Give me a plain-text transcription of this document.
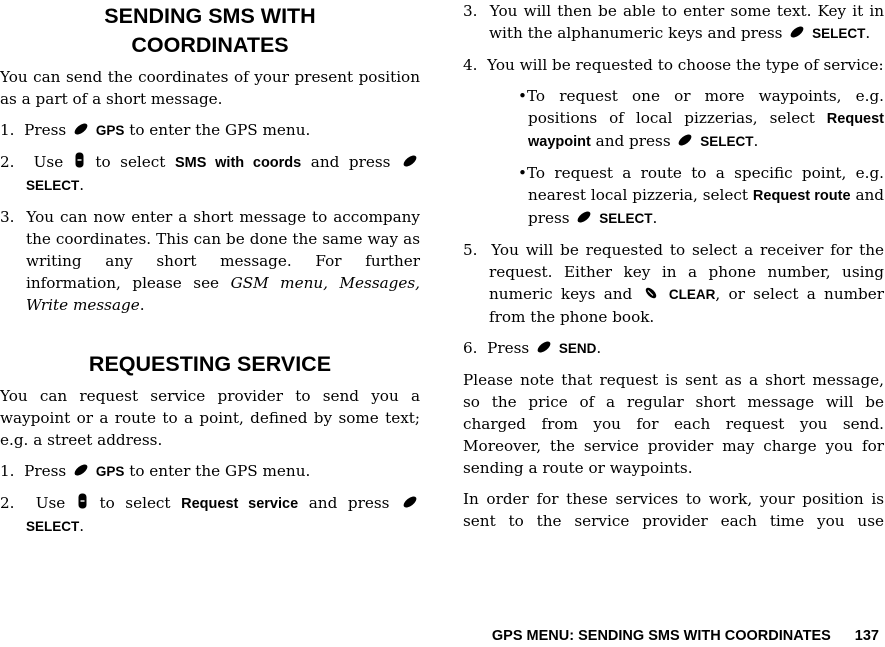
SENDING SMS WITH
COORDINATES

You can send the coordinates of your present position as a part of a short message.

1. Press GPS to enter the GPS menu.

2. Use to select SMS with coords and press  SELECT.

3. You can now enter a short message to accompany the coordinates. This can be done the same way as writing any short message. For further information, please see GSM menu, Messages, Write message.

REQUESTING SERVICE

You can request service provider to send you a waypoint or a route to a point, defined by some text; e.g. a street address.

1. Press GPS to enter the GPS menu.

2. Use to select Request service and press  SELECT.

3. You will then be able to enter some text. Key it in with the alphanumeric keys and press SELECT.

4. You will be requested to choose the type of service:

•To request one or more waypoints, e.g. positions of local pizzerias, select Request waypoint and press SELECT.

•To request a route to a specific point, e.g. nearest local pizzeria, select Request route and press SELECT.

5. You will be requested to select a receiver for the request. Either key in a phone number, using numeric keys and	CLEAR, or select a number from the phone book.

6. Press SEND.

Please note that request is sent as a short message, so the price of a regular short message will be charged from you for each request you send. Moreover, the service provider may charge you for sending a route or waypoints.

In order for these services to work, your position is sent to the service provider each time you use

GPS MENU: SENDING SMS WITH COORDINATES 137
